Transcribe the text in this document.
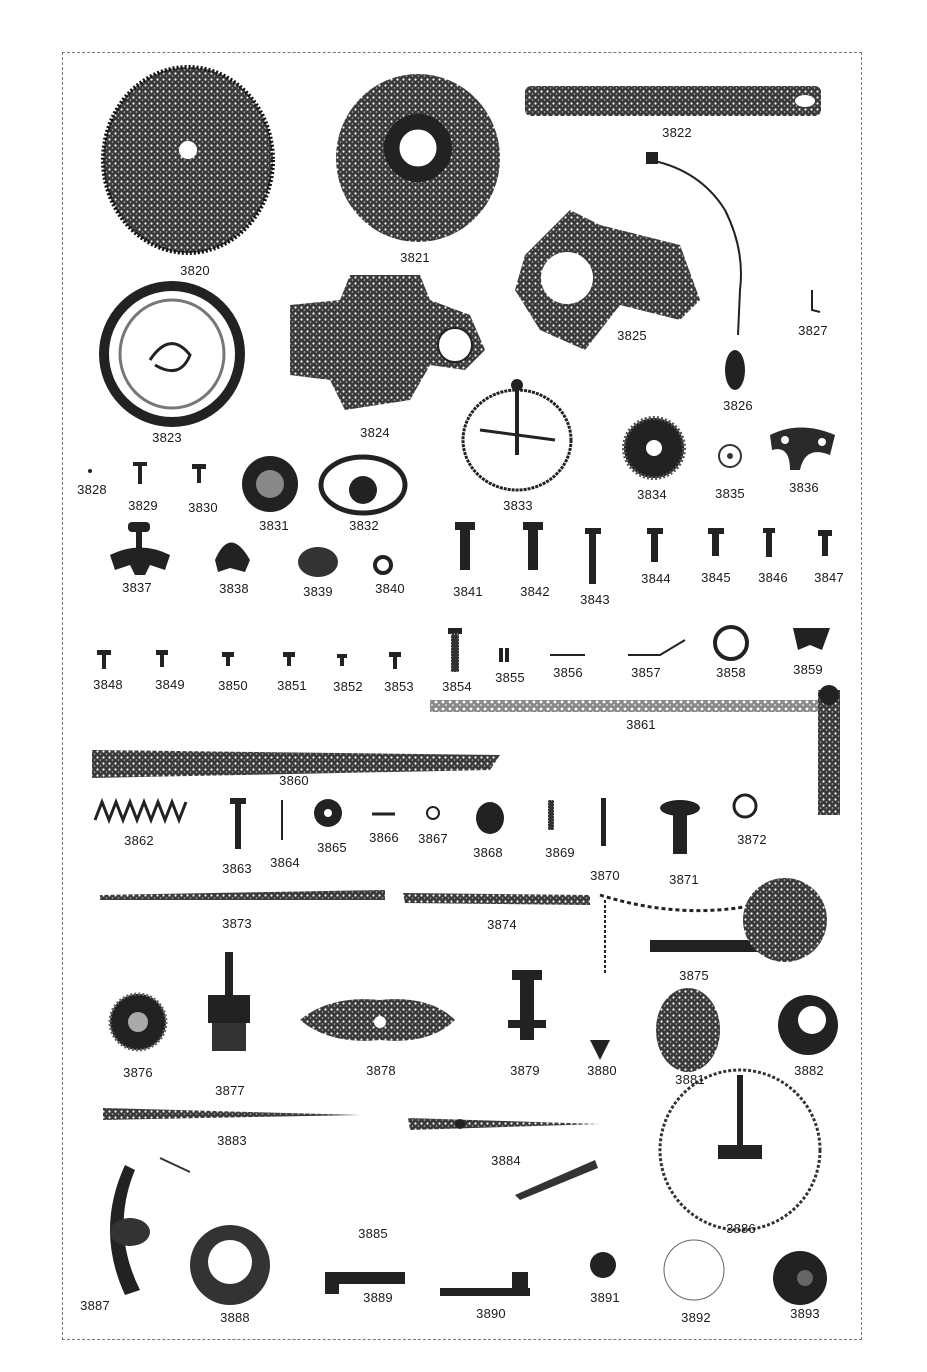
3820
3821
3822
3823	3824
3825
3826
3827
3828
3829 3830
3831	3832
3833
3834	3835	3836
3837	3838	3839	3840	3841	3842
3843
3844 3845 3846 3847
3848 3849	3850 3851 3852 3853 3854
3855 3856	3857	3858	3859
3860
3861
3862
3863 3864
3865
3866 3867
3868	3869
3870	3871
3872
3873	3874
3875
3876
3877
3878	3879	3880
3881
3882
3883
3884
3885	3886
3887
3888
3889
3890
3891
3892	3893
